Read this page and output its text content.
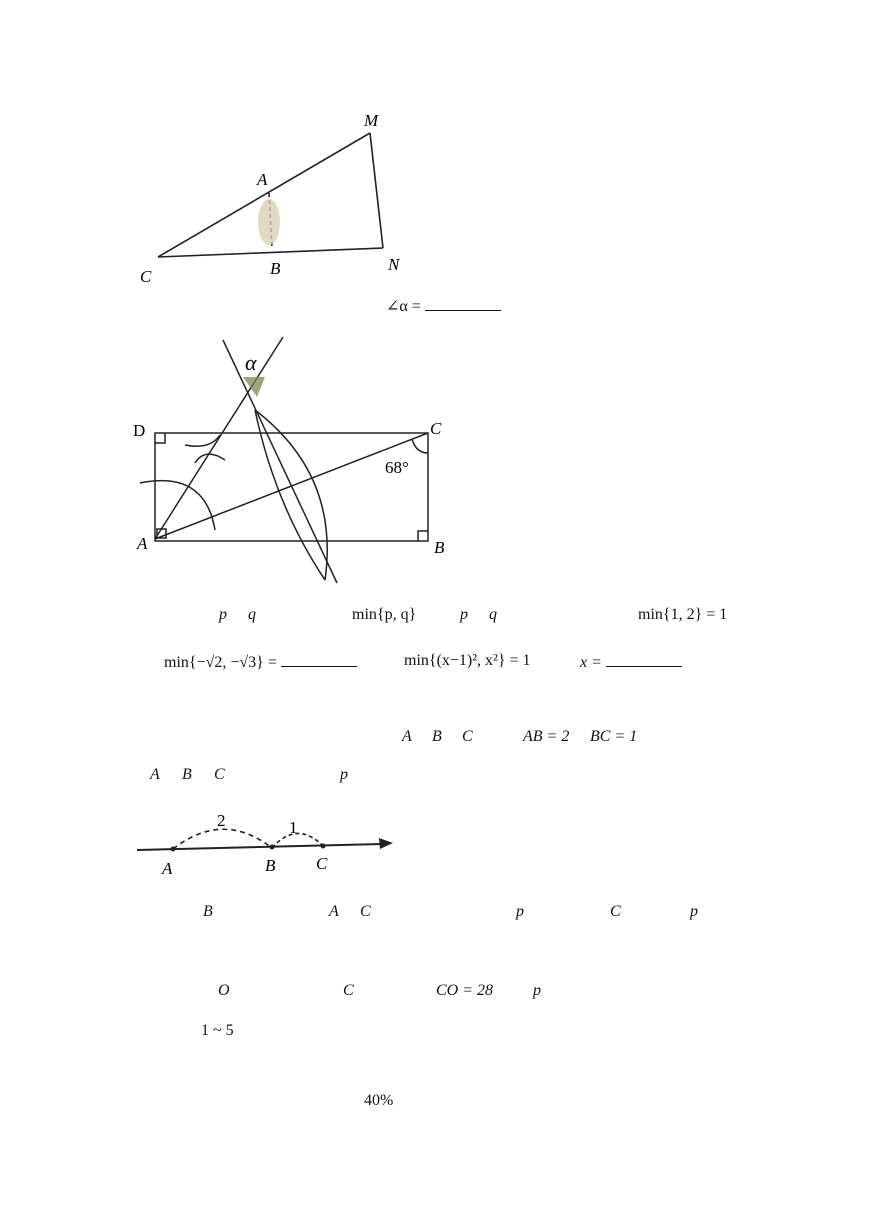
M
A
C	B	N
∠α =
α
D	C
A	B
68°
p q	min{p, q}	p q	min{1, 2} = 1
min{−√2, −√3} =	min{(x−1)², x²} = 1	x =
A B C	AB = 2 BC = 1
A B C	p
2	1
A	B C
B	A C	p	C	p
O	C	CO = 28 p
1 ~ 5
40%
